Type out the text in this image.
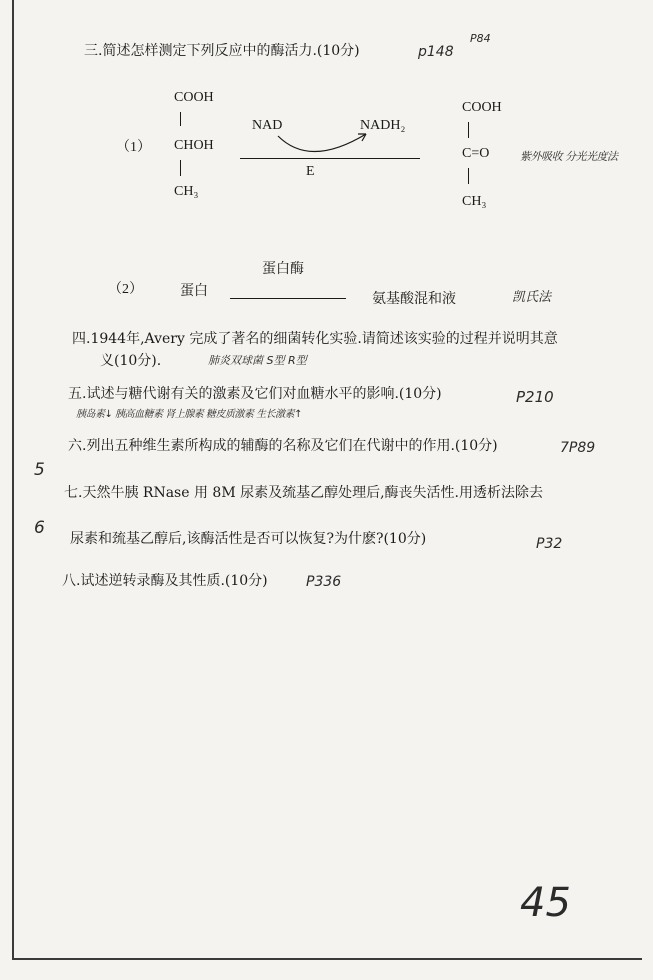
三.简述怎样测定下列反应中的酶活力.(10分)	p148
P84
（1）
COOH
CHOH
CH₃
NAD	NADH₂
E
COOH
C=O
CH₃
紫外吸收 分光光度法
蛋白酶
（2）	蛋白	氨基酸混和液	凯氏法
四.1944年,Avery 完成了著名的细菌转化实验.请简述该实验的过程并说明其意
义(10分).	肺炎双球菌 S型 R型
五.试述与糖代谢有关的激素及它们对血糖水平的影响.(10分)	P210
胰岛素↓ 胰高血糖素 肾上腺素 糖皮质激素 生长激素↑
六.列出五种维生素所构成的辅酶的名称及它们在代谢中的作用.(10分)	7P89
5
七.天然牛胰 RNase 用 8M 尿素及巯基乙醇处理后,酶丧失活性.用透析法除去
6
尿素和巯基乙醇后,该酶活性是否可以恢复?为什麽?(10分)	P32
八.试述逆转录酶及其性质.(10分)	P336
45
